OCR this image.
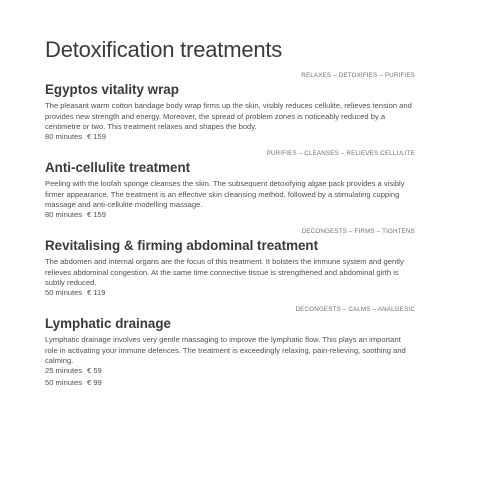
Detoxification treatments
RELAXES – DETOXIFIES – PURIFIES
Egyptos vitality wrap

The pleasant warm cotton bandage body wrap firms up the skin, visibly reduces cellulite, relieves tension and provides new strength and energy. Moreover, the spread of problem zones is noticeably reduced by a centimetre or two. This treatment relaxes and shapes the body.

80 minutes € 159
PURIFIES – CLEANSES – RELIEVES CELLULITE
Anti-cellulite treatment

Peeling with the loofah sponge cleanses the skin. The subsequent detoxifying algae pack provides a visibly firmer appearance. The treatment is an effective skin cleansing method, followed by a stimulating cupping massage and anti-cellulite modelling massage.

80 minutes € 159
DECONGESTS – FIRMS – TIGHTENS
Revitalising & firming abdominal treatment

The abdomen and internal organs are the focus of this treatment. It bolsters the immune system and gently relieves abdominal congestion. At the same time connective tissue is strengthened and abdominal girth is subtly reduced.

50 minutes € 119
DECONGESTS – CALMS – ANALGESIC
Lymphatic drainage

Lymphatic drainage involves very gentle massaging to improve the lymphatic flow. This plays an important role in activating your immune defences. The treatment is exceedingly relaxing, pain-relieving, soothing and calming.

25 minutes € 59
50 minutes € 99
